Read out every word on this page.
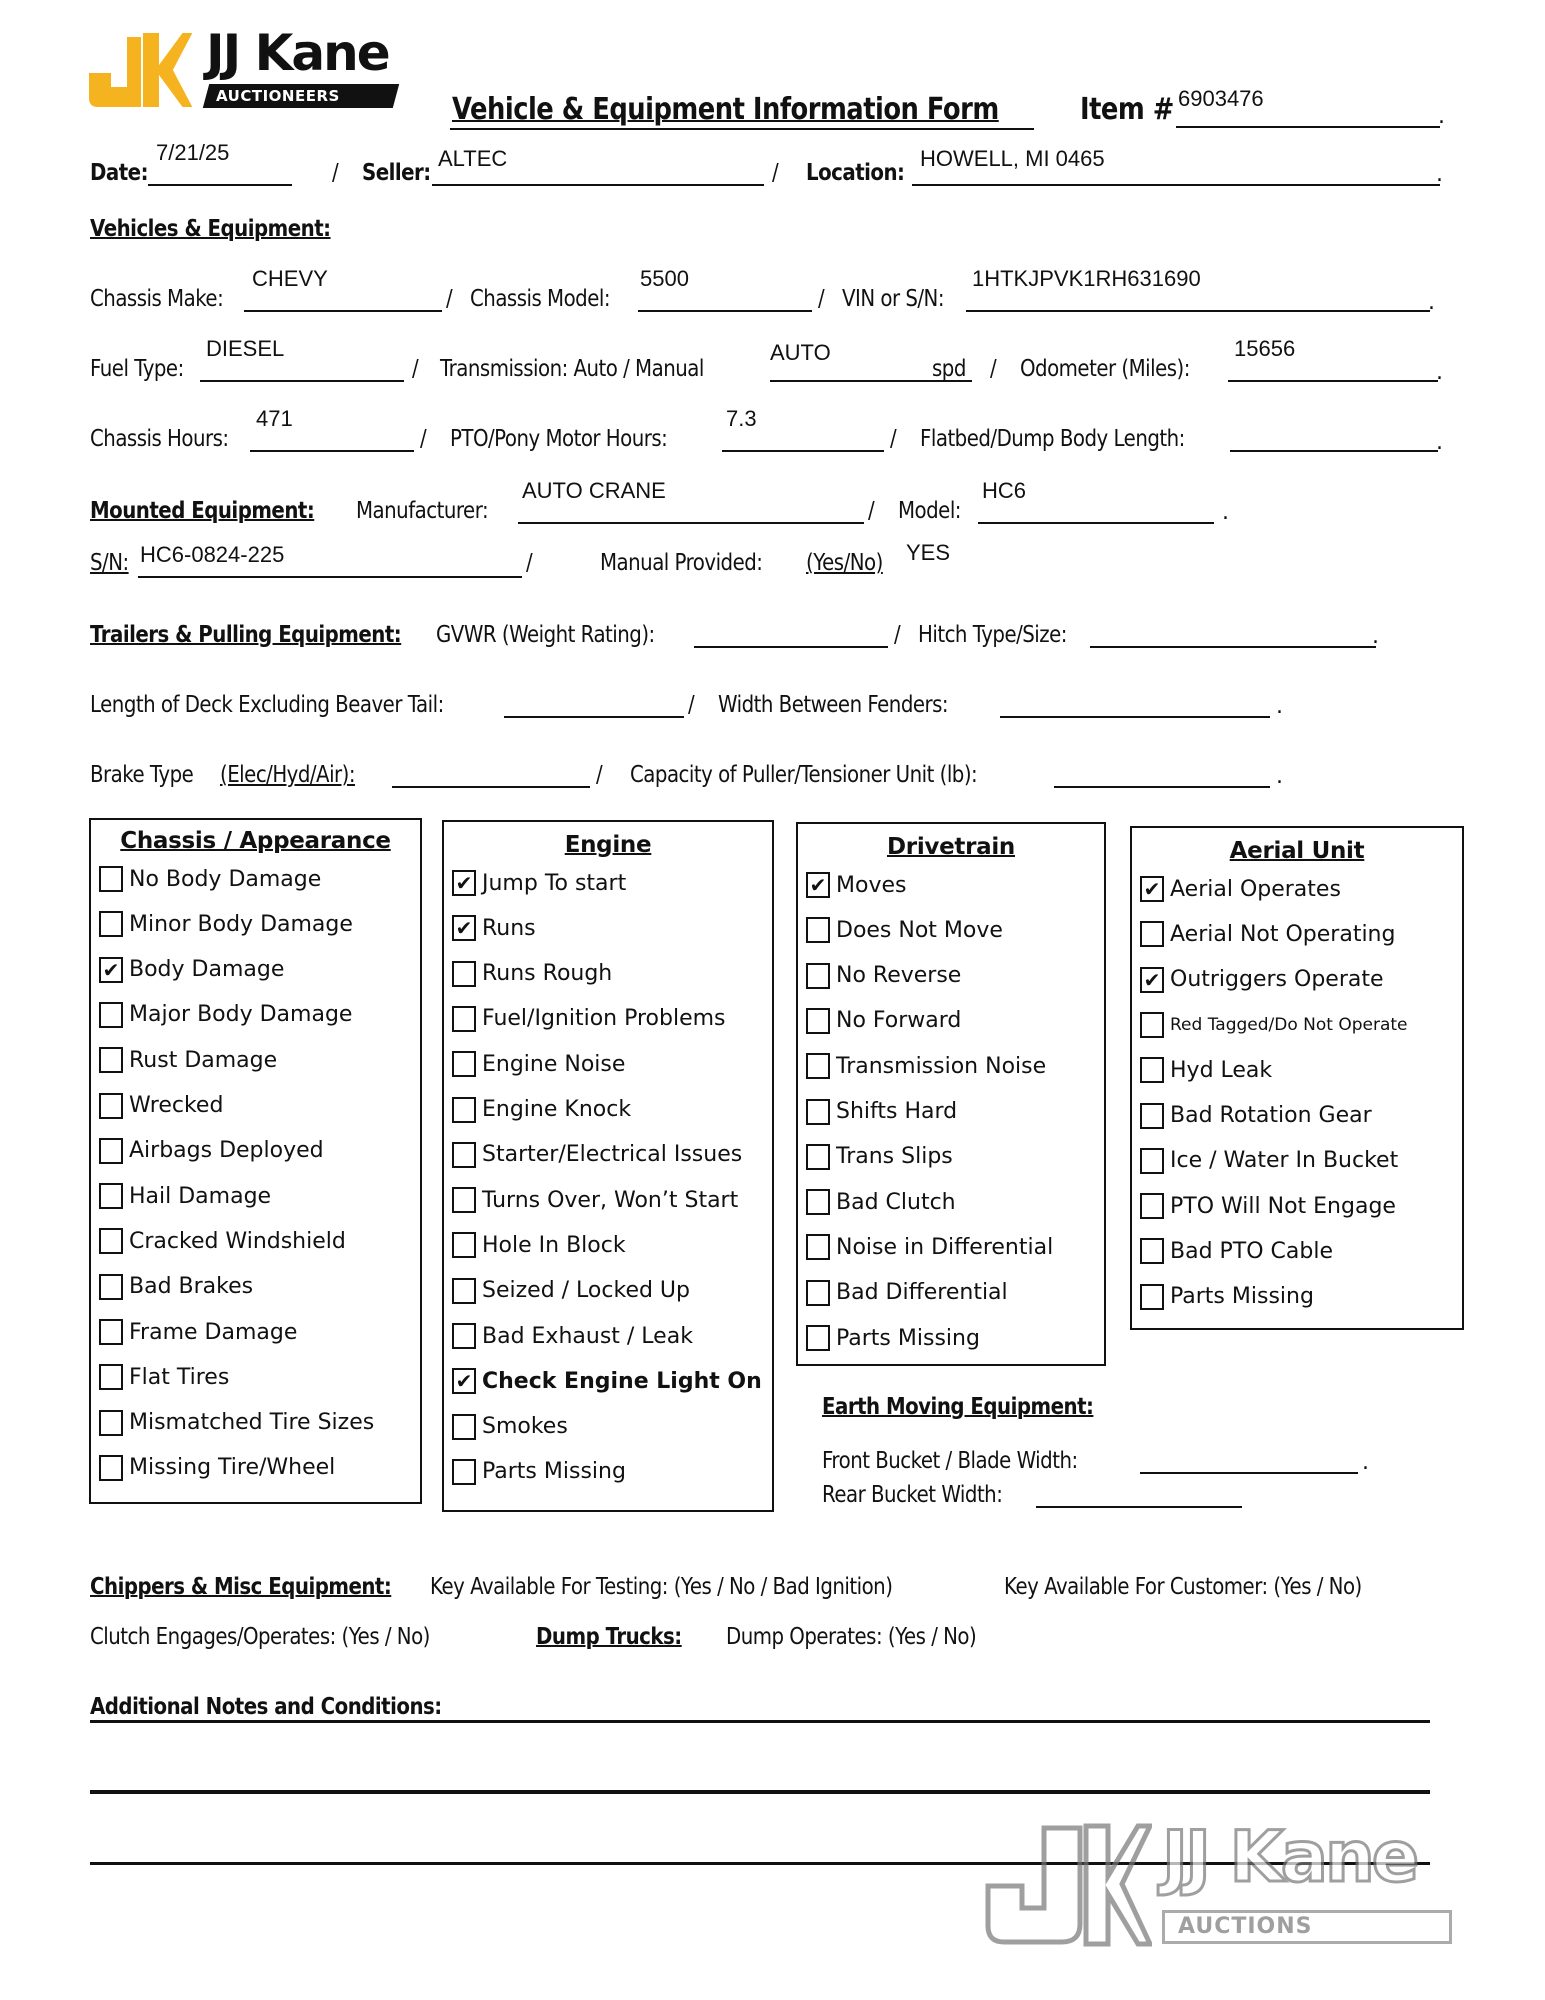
JJ Kane
AUCTIONEERS	Vehicle & Equipment Information Form	Item # 6903476
.
Date:
7/21/25
/ Seller:
ALTEC
/ Location:
HOWELL, MI 0465
.
Vehicles & Equipment:
Chassis Make:
CHEVY
/ Chassis Model:
5500
/ VIN or S/N:
1HTKJPVK1RH631690
.
Fuel Type:
DIESEL
/ Transmission: Auto / Manual
AUTO
spd / Odometer (Miles):
15656
.
Chassis Hours:
471
/ PTO/Pony Motor Hours:
7.3
/ Flatbed/Dump Body Length:	.
Mounted Equipment: Manufacturer:
AUTO CRANE
/ Model:
HC6
.
S/N: HC6-0824-225	/	Manual Provided: (Yes/No) YES
Trailers & Pulling Equipment: GVWR (Weight Rating):	/ Hitch Type/Size:	.
Length of Deck Excluding Beaver Tail:	/ Width Between Fenders:	.
Brake Type (Elec/Hyd/Air):	/ Capacity of Puller/Tensioner Unit (lb):	.
Chassis / Appearance
No Body Damage
Minor Body Damage
✔ Body Damage
Major Body Damage
Rust Damage
Wrecked
Airbags Deployed
Hail Damage
Cracked Windshield
Bad Brakes
Frame Damage
Flat Tires
Mismatched Tire Sizes
Missing Tire/Wheel
Engine
✔ Jump To start
✔ Runs
Runs Rough
Fuel/Ignition Problems
Engine Noise
Engine Knock
Starter/Electrical Issues
Turns Over, Won’t Start
Hole In Block
Seized / Locked Up
Bad Exhaust / Leak
✔ Check Engine Light On
Smokes
Parts Missing
Drivetrain
✔ Moves
Does Not Move
No Reverse
No Forward
Transmission Noise
Shifts Hard
Trans Slips
Bad Clutch
Noise in Differential
Bad Differential
Parts Missing
Aerial Unit
✔ Aerial Operates
Aerial Not Operating
✔ Outriggers Operate
Red Tagged/Do Not Operate
Hyd Leak
Bad Rotation Gear
Ice / Water In Bucket
PTO Will Not Engage
Bad PTO Cable
Parts Missing
Earth Moving Equipment:
Front Bucket / Blade Width:	.
Rear Bucket Width:
Chippers & Misc Equipment: Key Available For Testing: (Yes / No / Bad Ignition)	Key Available For Customer: (Yes / No)
Clutch Engages/Operates: (Yes / No)	Dump Trucks: Dump Operates: (Yes / No)
Additional Notes and Conditions:
JJ Kane
AUCTIONS
